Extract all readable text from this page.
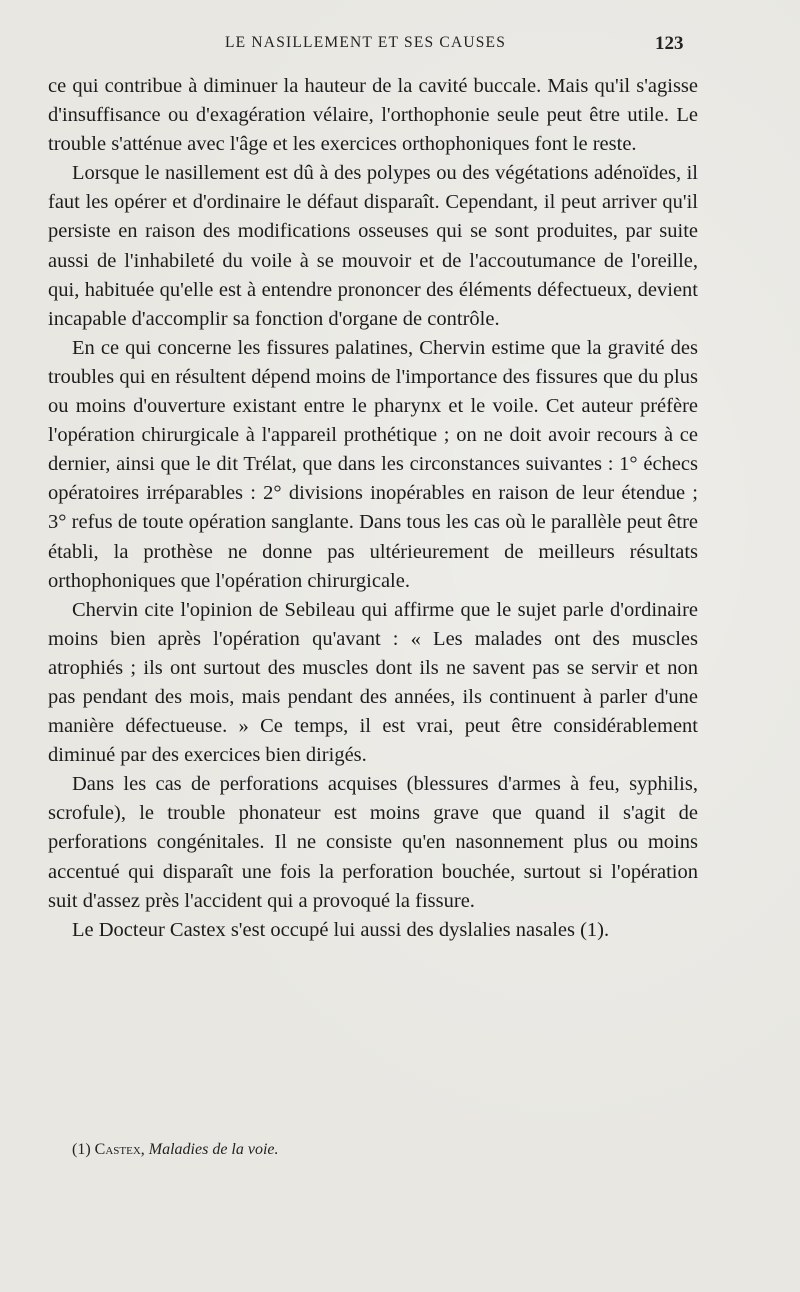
LE NASILLEMENT ET SES CAUSES	123

ce qui contribue à diminuer la hauteur de la cavité buccale. Mais qu'il s'agisse d'insuffisance ou d'exagération vélaire, l'orthophonie seule peut être utile. Le trouble s'atténue avec l'âge et les exercices orthophoniques font le reste.

Lorsque le nasillement est dû à des polypes ou des végétations adénoïdes, il faut les opérer et d'ordinaire le défaut disparaît. Cependant, il peut arriver qu'il persiste en raison des modifications osseuses qui se sont produites, par suite aussi de l'inhabileté du voile à se mouvoir et de l'accoutumance de l'oreille, qui, habituée qu'elle est à entendre prononcer des éléments défectueux, devient incapable d'accomplir sa fonction d'organe de contrôle.

En ce qui concerne les fissures palatines, Chervin estime que la gravité des troubles qui en résultent dépend moins de l'importance des fissures que du plus ou moins d'ouverture existant entre le pharynx et le voile. Cet auteur préfère l'opération chirurgicale à l'appareil prothétique ; on ne doit avoir recours à ce dernier, ainsi que le dit Trélat, que dans les circonstances suivantes : 1° échecs opératoires irréparables : 2° divisions inopérables en raison de leur étendue ; 3° refus de toute opération sanglante. Dans tous les cas où le parallèle peut être établi, la prothèse ne donne pas ultérieurement de meilleurs résultats orthophoniques que l'opération chirurgicale.

Chervin cite l'opinion de Sebileau qui affirme que le sujet parle d'ordinaire moins bien après l'opération qu'avant : « Les malades ont des muscles atrophiés ; ils ont surtout des muscles dont ils ne savent pas se servir et non pas pendant des mois, mais pendant des années, ils continuent à parler d'une manière défectueuse. » Ce temps, il est vrai, peut être considérablement diminué par des exercices bien dirigés.

Dans les cas de perforations acquises (blessures d'armes à feu, syphilis, scrofule), le trouble phonateur est moins grave que quand il s'agit de perforations congénitales. Il ne consiste qu'en nasonnement plus ou moins accentué qui disparaît une fois la perforation bouchée, surtout si l'opération suit d'assez près l'accident qui a provoqué la fissure.

Le Docteur Castex s'est occupé lui aussi des dyslalies nasales (1).

(1) Castex, Maladies de la voie.
